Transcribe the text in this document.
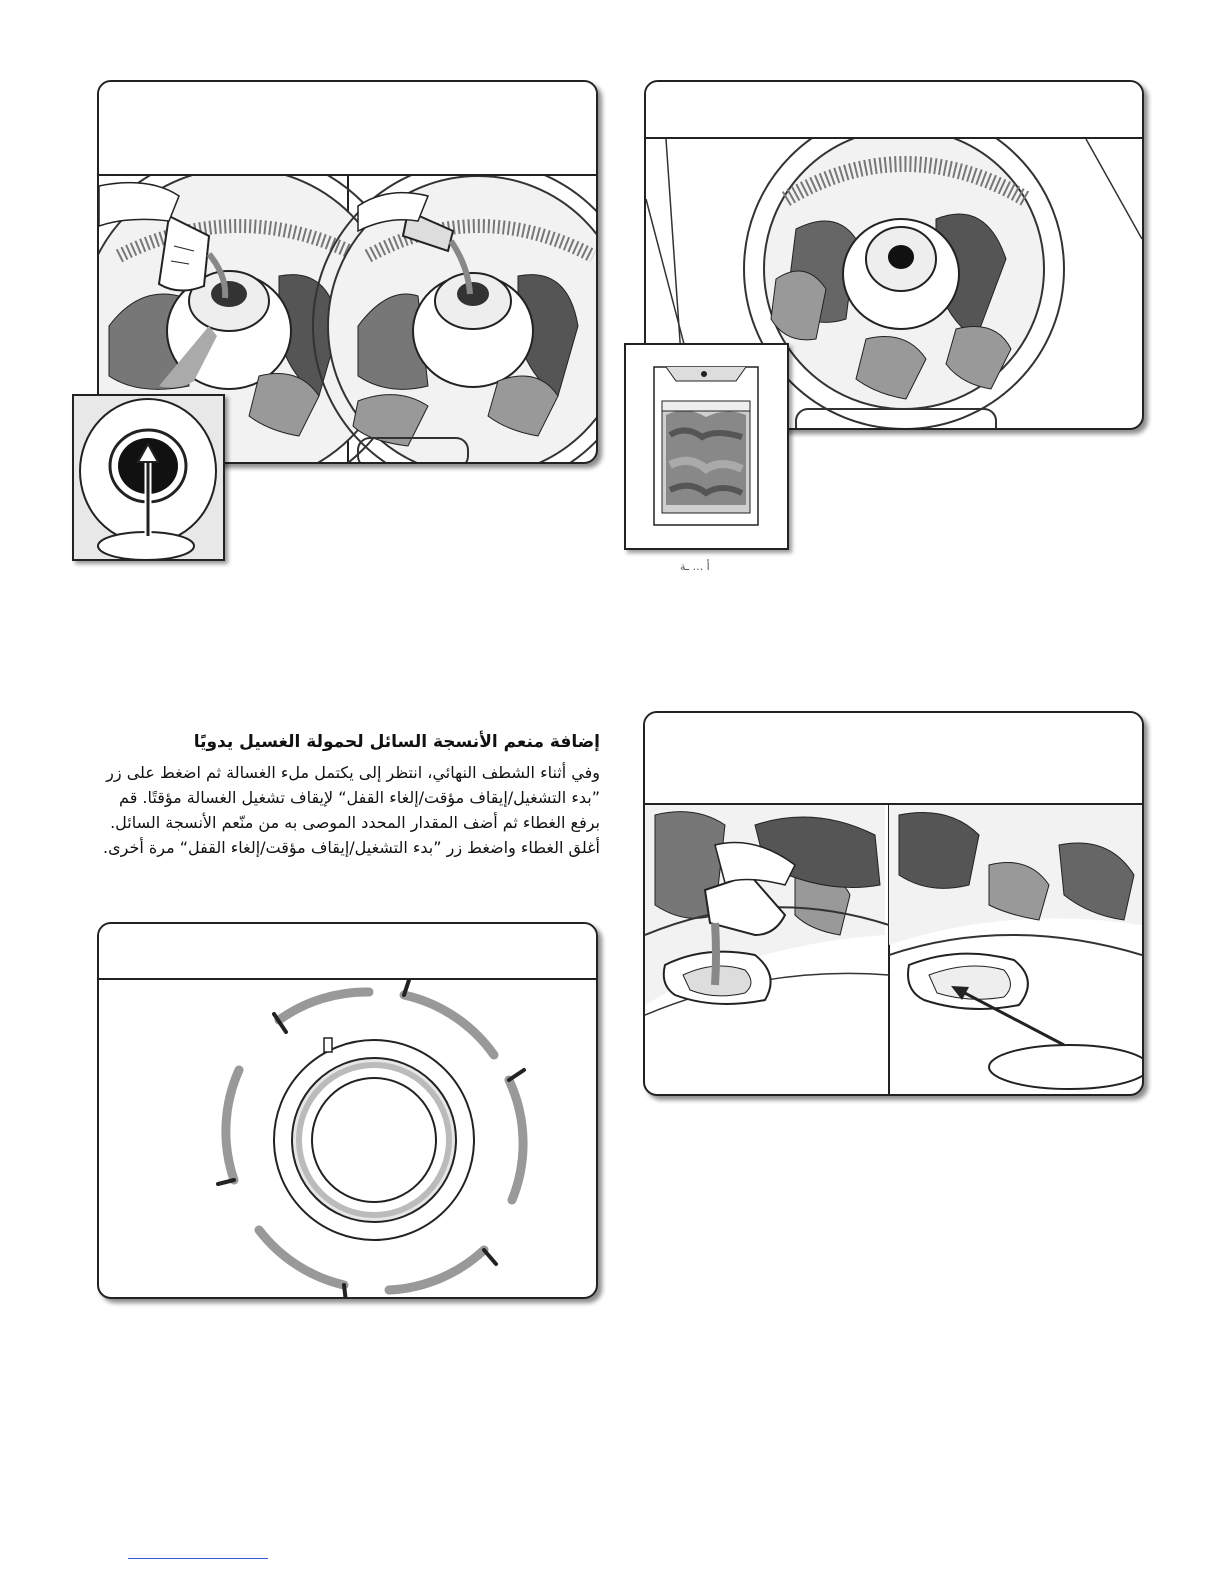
أ ... ـة
إضافة منعم الأنسجة السائل لحمولة الغسيل يدويًا

وفي أثناء الشطف النهائي، انتظر إلى يكتمل ملء الغسالة ثم اضغط على زر ”بدء التشغيل/إيقاف مؤقت/إلغاء القفل“ لإيقاف تشغيل الغسالة مؤقتًا. قم برفع الغطاء ثم أضف المقدار المحدد الموصى به من منّعم الأنسجة السائل. أغلق الغطاء واضغط زر ”بدء التشغيل/إيقاف مؤقت/إلغاء القفل“ مرة أخرى.
